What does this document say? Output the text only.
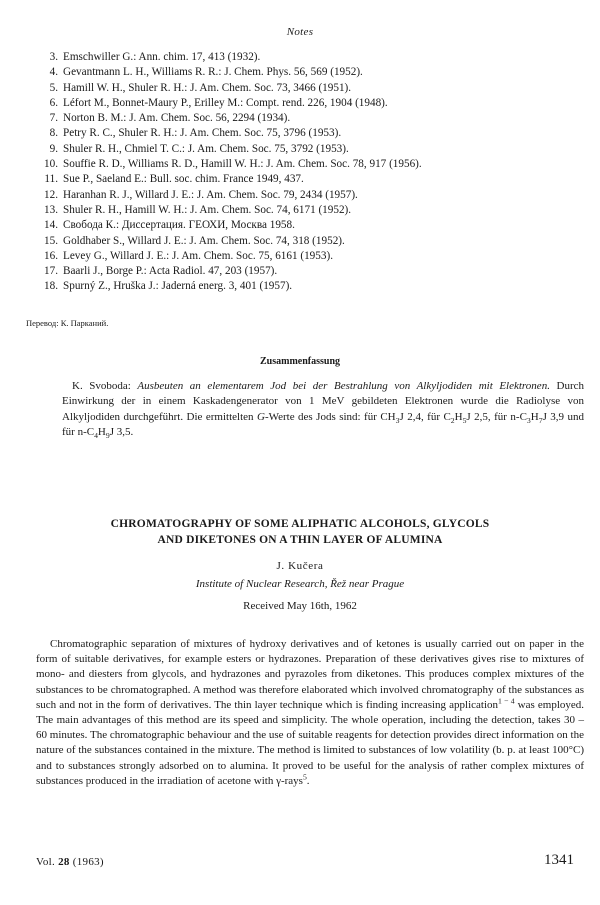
Notes
3. Emschwiller G.: Ann. chim. 17, 413 (1932).
4. Gevantmann L. H., Williams R. R.: J. Chem. Phys. 56, 569 (1952).
5. Hamill W. H., Shuler R. H.: J. Am. Chem. Soc. 73, 3466 (1951).
6. Léfort M., Bonnet-Maury P., Erilley M.: Compt. rend. 226, 1904 (1948).
7. Norton B. M.: J. Am. Chem. Soc. 56, 2294 (1934).
8. Petry R. C., Shuler R. H.: J. Am. Chem. Soc. 75, 3796 (1953).
9. Shuler R. H., Chmiel T. C.: J. Am. Chem. Soc. 75, 3792 (1953).
10. Souffie R. D., Williams R. D., Hamill W. H.: J. Am. Chem. Soc. 78, 917 (1956).
11. Sue P., Saeland E.: Bull. soc. chim. France 1949, 437.
12. Haranhan R. J., Willard J. E.: J. Am. Chem. Soc. 79, 2434 (1957).
13. Shuler R. H., Hamill W. H.: J. Am. Chem. Soc. 74, 6171 (1952).
14. Свобода К.: Диссертация. ГЕОХИ, Москва 1958.
15. Goldhaber S., Willard J. E.: J. Am. Chem. Soc. 74, 318 (1952).
16. Levey G., Willard J. E.: J. Am. Chem. Soc. 75, 6161 (1953).
17. Baarli J., Borge P.: Acta Radiol. 47, 203 (1957).
18. Spurný Z., Hruška J.: Jaderná energ. 3, 401 (1957).
Перевод: К. Парканий.
Zusammenfassung

K. Svoboda: Ausbeuten an elementarem Jod bei der Bestrahlung von Alkyljodiden mit Elektronen. Durch Einwirkung der in einem Kaskadengenerator von 1 MeV gebildeten Elektronen wurde die Radiolyse von Alkyljodiden durchgeführt. Die ermittelten G-Werte des Jods sind: für $CH_3J$ 2,4, für $C_2H_5J$ 2,5, für $n-C_3H_7J$ 3,9 und für $n-C_4H_9J$ 3,5.

CHROMATOGRAPHY OF SOME ALIPHATIC ALCOHOLS, GLYCOLS
AND DIKETONES ON A THIN LAYER OF ALUMINA
J. Kučera
Institute of Nuclear Research, Řež near Prague
Received May 16th, 1962

Chromatographic separation of mixtures of hydroxy derivatives and of ketones is usually carried out on paper in the form of suitable derivatives, for example esters or hydrazones. Preparation of these derivatives gives rise to mixtures of mono- and diesters from glycols, and hydrazones and pyrazoles from diketones. This produces complex mixtures of the substances to be chromatographed. A method was therefore elaborated which involved chromatography of the substances as such and not in the form of derivatives. The thin layer technique which is finding increasing application$^{1 - 4}$ was employed. The main advantages of this method are its speed and simplicity. The whole operation, including the detection, takes 30 – 60 minutes. The chromatographic behaviour and the use of suitable reagents for detection provides direct information on the nature of the substances contained in the mixture. The method is limited to substances of low volatility (b. p. at least 100°C) and to substances strongly adsorbed on to alumina. It proved to be useful for the analysis of rather complex mixtures of substances produced in the irradiation of acetone with γ-rays$^5$.

Vol. 28 (1963)	1341
